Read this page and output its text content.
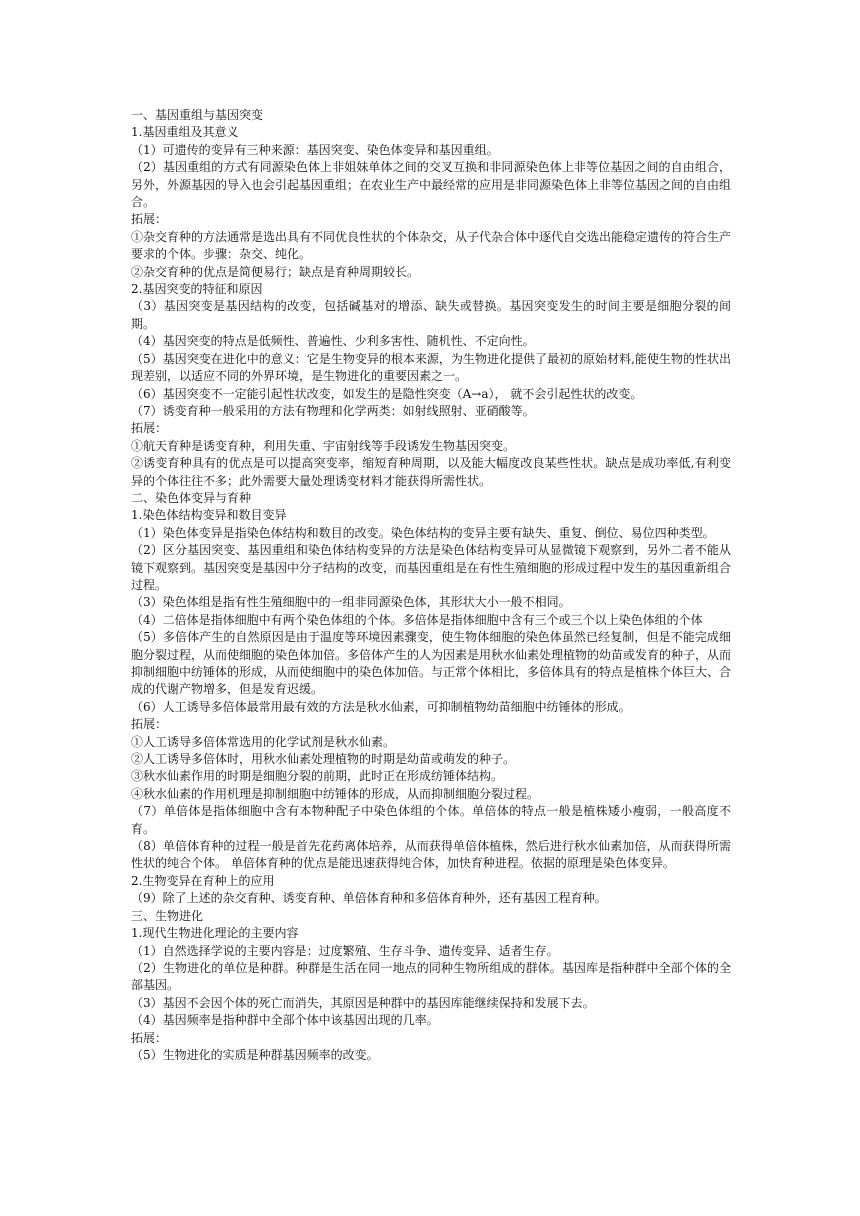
一、基因重组与基因突变
1.基因重组及其意义
（1）可遗传的变异有三种来源：基因突变、染色体变异和基因重组。
（2）基因重组的方式有同源染色体上非姐妹单体之间的交叉互换和非同源染色体上非等位基因之间的自由组合，另外，外源基因的导入也会引起基因重组；在农业生产中最经常的应用是非同源染色体上非等位基因之间的自由组合。
拓展：
①杂交育种的方法通常是选出具有不同优良性状的个体杂交，从子代杂合体中逐代自交选出能稳定遗传的符合生产要求的个体。步骤：杂交、纯化。
②杂交育种的优点是简便易行；缺点是育种周期较长。
2.基因突变的特征和原因
（3）基因突变是基因结构的改变，包括碱基对的增添、缺失或替换。基因突变发生的时间主要是细胞分裂的间期。
（4）基因突变的特点是低频性、普遍性、少利多害性、随机性、不定向性。
（5）基因突变在进化中的意义：它是生物变异的根本来源，为生物进化提供了最初的原始材料,能使生物的性状出现差别，以适应不同的外界环境，是生物进化的重要因素之一。
（6）基因突变不一定能引起性状改变，如发生的是隐性突变（A→a）， 就不会引起性状的改变。
（7）诱变育种一般采用的方法有物理和化学两类：如射线照射、亚硝酸等。
拓展：
①航天育种是诱变育种，利用失重、宇宙射线等手段诱发生物基因突变。
②诱变育种具有的优点是可以提高突变率，缩短育种周期，以及能大幅度改良某些性状。缺点是成功率低,有利变异的个体往往不多；此外需要大量处理诱变材料才能获得所需性状。
二、染色体变异与育种
1.染色体结构变异和数目变异
（1）染色体变异是指染色体结构和数目的改变。染色体结构的变异主要有缺失、重复、倒位、易位四种类型。
（2）区分基因突变、基因重组和染色体结构变异的方法是染色体结构变异可从显微镜下观察到，另外二者不能从镜下观察到。基因突变是基因中分子结构的改变，而基因重组是在有性生殖细胞的形成过程中发生的基因重新组合过程。
（3）染色体组是指有性生殖细胞中的一组非同源染色体，其形状大小一般不相同。
（4）二倍体是指体细胞中有两个染色体组的个体。多倍体是指体细胞中含有三个或三个以上染色体组的个体
（5）多倍体产生的自然原因是由于温度等环境因素骤变，使生物体细胞的染色体虽然已经复制，但是不能完成细胞分裂过程，从而使细胞的染色体加倍。多倍体产生的人为因素是用秋水仙素处理植物的幼苗或发育的种子，从而抑制细胞中纺锤体的形成，从而使细胞中的染色体加倍。与正常个体相比，多倍体具有的特点是植株个体巨大、合成的代谢产物增多，但是发育迟缓。
（6）人工诱导多倍体最常用最有效的方法是秋水仙素，可抑制植物幼苗细胞中纺锤体的形成。
拓展：
①人工诱导多倍体常选用的化学试剂是秋水仙素。
②人工诱导多倍体时，用秋水仙素处理植物的时期是幼苗或萌发的种子。
③秋水仙素作用的时期是细胞分裂的前期，此时正在形成纺锤体结构。
④秋水仙素的作用机理是抑制细胞中纺锤体的形成，从而抑制细胞分裂过程。
（7）单倍体是指体细胞中含有本物种配子中染色体组的个体。单倍体的特点一般是植株矮小瘦弱，一般高度不育。
（8）单倍体育种的过程一般是首先花药离体培养，从而获得单倍体植株，然后进行秋水仙素加倍，从而获得所需性状的纯合个体。 单倍体育种的优点是能迅速获得纯合体，加快育种进程。依据的原理是染色体变异。
2.生物变异在育种上的应用
（9）除了上述的杂交育种、诱变育种、单倍体育种和多倍体育种外，还有基因工程育种。
三、生物进化
1.现代生物进化理论的主要内容
（1）自然选择学说的主要内容是：过度繁殖、生存斗争、遗传变异、适者生存。
（2）生物进化的单位是种群。种群是生活在同一地点的同种生物所组成的群体。基因库是指种群中全部个体的全部基因。
（3）基因不会因个体的死亡而消失，其原因是种群中的基因库能继续保持和发展下去。
（4）基因频率是指种群中全部个体中该基因出现的几率。
拓展：
（5）生物进化的实质是种群基因频率的改变。
